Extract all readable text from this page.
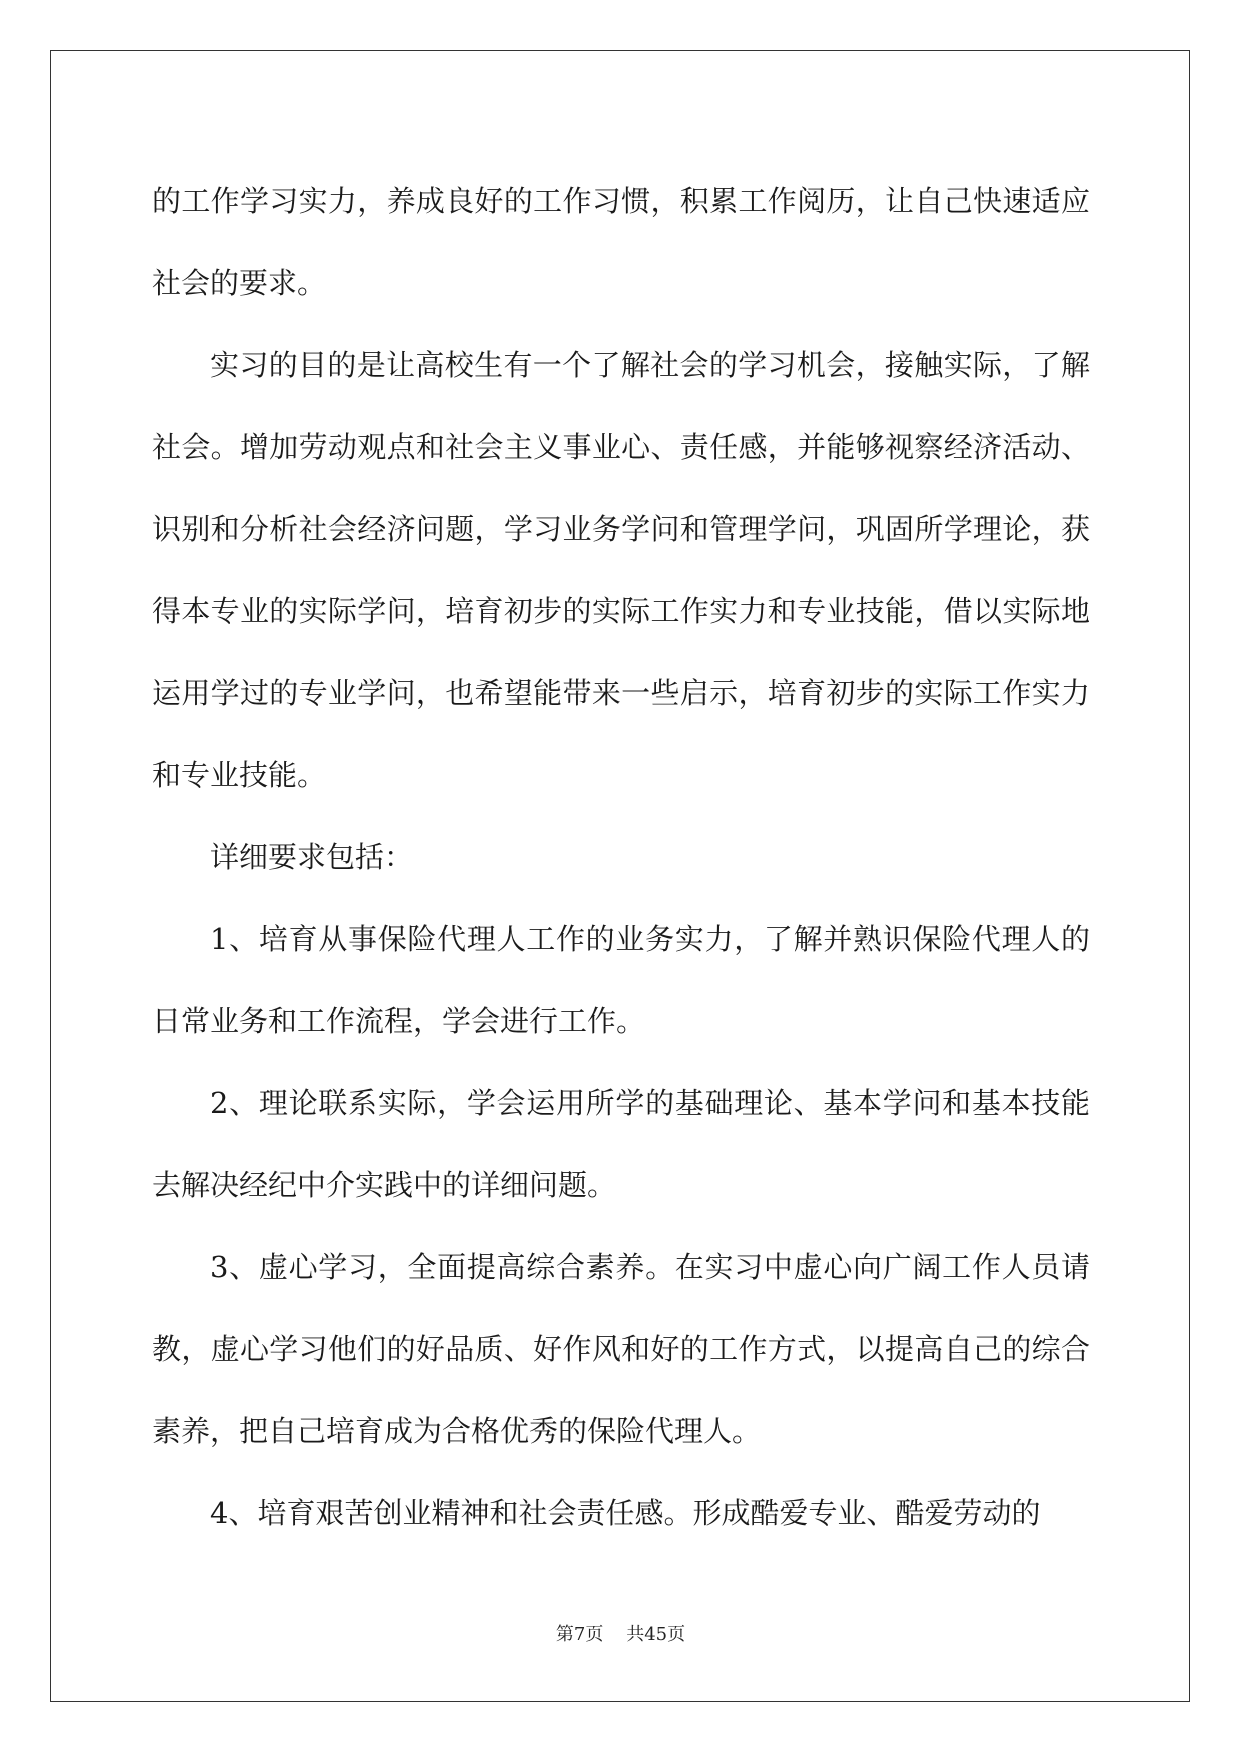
的工作学习实力，养成良好的工作习惯，积累工作阅历，让自己快速适应社会的要求。

实习的目的是让高校生有一个了解社会的学习机会，接触实际，了解社会。增加劳动观点和社会主义事业心、责任感，并能够视察经济活动、识别和分析社会经济问题，学习业务学问和管理学问，巩固所学理论，获得本专业的实际学问，培育初步的实际工作实力和专业技能，借以实际地运用学过的专业学问，也希望能带来一些启示，培育初步的实际工作实力和专业技能。

详细要求包括：

1、培育从事保险代理人工作的业务实力，了解并熟识保险代理人的日常业务和工作流程，学会进行工作。

2、理论联系实际，学会运用所学的基础理论、基本学问和基本技能去解决经纪中介实践中的详细问题。

3、虚心学习，全面提高综合素养。在实习中虚心向广阔工作人员请教，虚心学习他们的好品质、好作风和好的工作方式，以提高自己的综合素养，把自己培育成为合格优秀的保险代理人。

4、培育艰苦创业精神和社会责任感。形成酷爱专业、酷爱劳动的

第7页 共45页
